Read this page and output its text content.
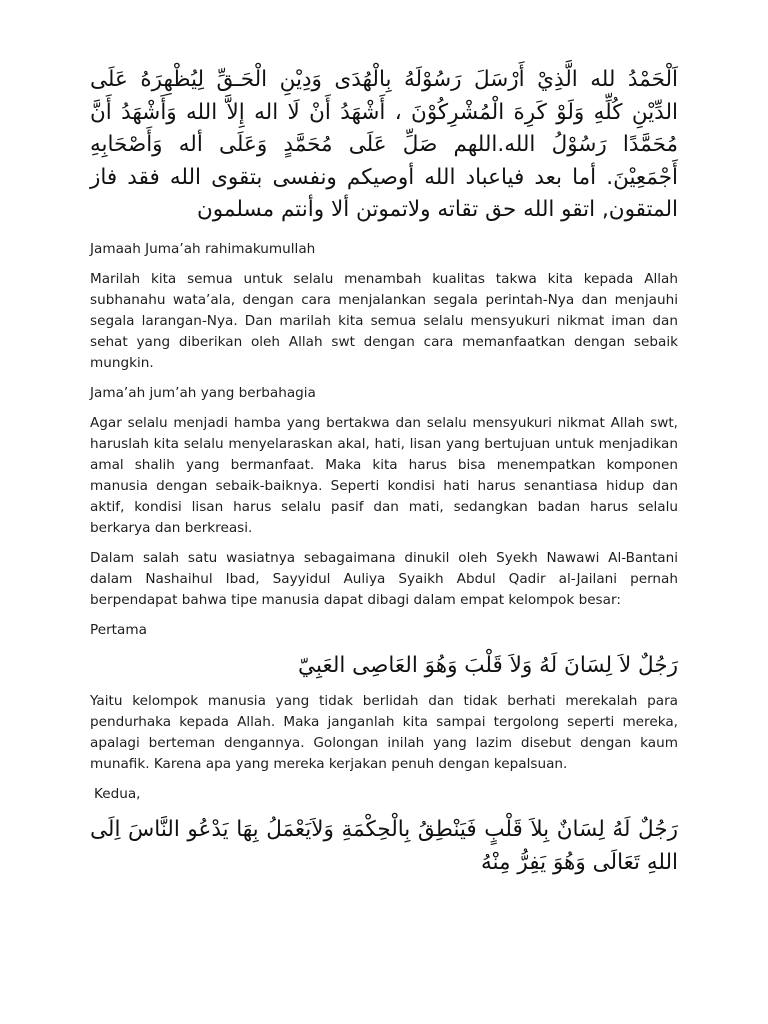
اَلْحَمْدُ لله الَّذِيْ أَرْسَلَ رَسُوْلَهُ بِالْهُدَى وَدِيْنِ الْحَـقِّ لِيُظْهِرَهُ عَلَى الدِّيْنِ كُلِّهِ وَلَوْ كَرِهَ الْمُشْرِكُوْنَ ، أَشْهَدُ أَنْ لَا اله إِلاَّ الله وَأَشْهَدُ أَنَّ مُحَمَّدًا رَسُوْلُ الله.اللهم صَلِّ عَلَى مُحَمَّدٍ وَعَلَى أله وَأَصْحَابِهِ أَجْمَعِيْنَ. أما بعد فياعباد الله أوصيكم ونفسى بتقوى الله فقد فاز المتقون, اتقو الله حق تقاته ولاتموتن ألا وأنتم مسلمون

Jamaah Juma’ah rahimakumullah

Marilah kita semua untuk selalu menambah kualitas takwa kita kepada Allah subhanahu wata’ala, dengan cara menjalankan segala perintah-Nya dan menjauhi segala larangan-Nya. Dan marilah kita semua selalu mensyukuri nikmat iman dan sehat yang diberikan oleh Allah swt dengan cara memanfaatkan dengan sebaik mungkin.

Jama’ah jum’ah yang berbahagia

Agar selalu menjadi hamba yang bertakwa dan selalu mensyukuri nikmat Allah swt, haruslah kita selalu menyelaraskan akal, hati, lisan yang bertujuan untuk menjadikan amal shalih yang bermanfaat. Maka kita harus bisa menempatkan komponen manusia dengan sebaik-baiknya. Seperti kondisi hati harus senantiasa hidup dan aktif, kondisi lisan harus selalu pasif dan mati, sedangkan badan harus selalu berkarya dan berkreasi.

Dalam salah satu wasiatnya sebagaimana dinukil oleh Syekh Nawawi Al-Bantani dalam Nashaihul Ibad, Sayyidul Auliya Syaikh Abdul Qadir al-Jailani pernah berpendapat bahwa tipe manusia dapat dibagi dalam empat kelompok besar:

Pertama

رَجُلٌ لاَ لِسَانَ لَهُ وَلاَ قَلْبَ وَهُوَ العَاصِى العَبِيّ

Yaitu kelompok manusia yang tidak berlidah dan tidak berhati merekalah para pendurhaka kepada Allah. Maka janganlah kita sampai tergolong seperti mereka, apalagi berteman dengannya. Golongan inilah yang lazim disebut dengan kaum munafik. Karena apa yang mereka kerjakan penuh dengan kepalsuan.

Kedua,

رَجُلٌ لَهُ لِسَانٌ بِلاَ قَلْبٍ فَيَنْطِقُ بِالْحِكْمَةِ وَلاَيَعْمَلُ بِهَا يَدْعُو النَّاسَ اِلَى اللهِ تَعَالَى وَهُوَ يَفِرُّ مِنْهُ
